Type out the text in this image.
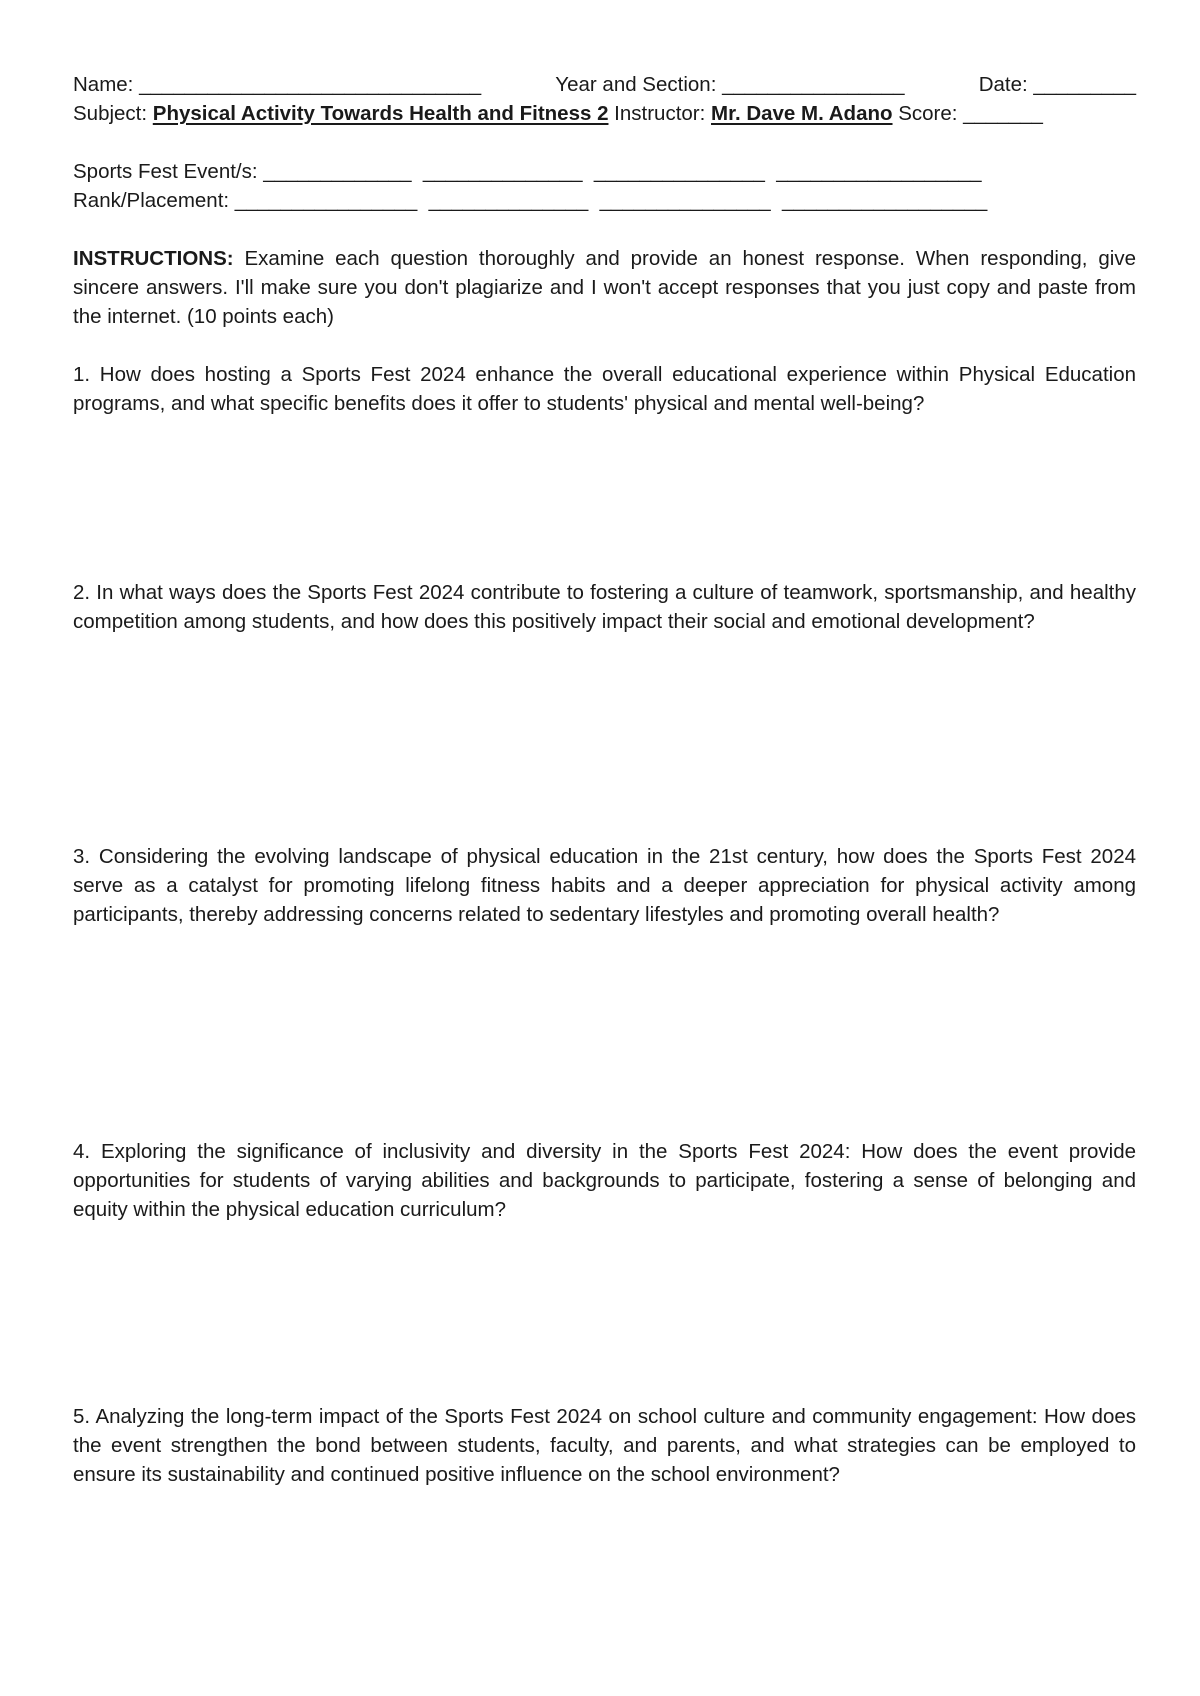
Name: ______________________________	Year and Section: ________________	Date: _________
Subject: Physical Activity Towards Health and Fitness 2 Instructor: Mr. Dave M. Adano Score: _______
Sports Fest Event/s: _____________  ______________  _______________  __________________
Rank/Placement: ________________  ______________  _______________  __________________
INSTRUCTIONS: Examine each question thoroughly and provide an honest response. When responding, give sincere answers. I'll make sure you don't plagiarize and I won't accept responses that you just copy and paste from the internet. (10 points each)
1. How does hosting a Sports Fest 2024 enhance the overall educational experience within Physical Education programs, and what specific benefits does it offer to students' physical and mental well-being?
2. In what ways does the Sports Fest 2024 contribute to fostering a culture of teamwork, sportsmanship, and healthy competition among students, and how does this positively impact their social and emotional development?
3. Considering the evolving landscape of physical education in the 21st century, how does the Sports Fest 2024 serve as a catalyst for promoting lifelong fitness habits and a deeper appreciation for physical activity among participants, thereby addressing concerns related to sedentary lifestyles and promoting overall health?
4. Exploring the significance of inclusivity and diversity in the Sports Fest 2024: How does the event provide opportunities for students of varying abilities and backgrounds to participate, fostering a sense of belonging and equity within the physical education curriculum?
5. Analyzing the long-term impact of the Sports Fest 2024 on school culture and community engagement: How does the event strengthen the bond between students, faculty, and parents, and what strategies can be employed to ensure its sustainability and continued positive influence on the school environment?
